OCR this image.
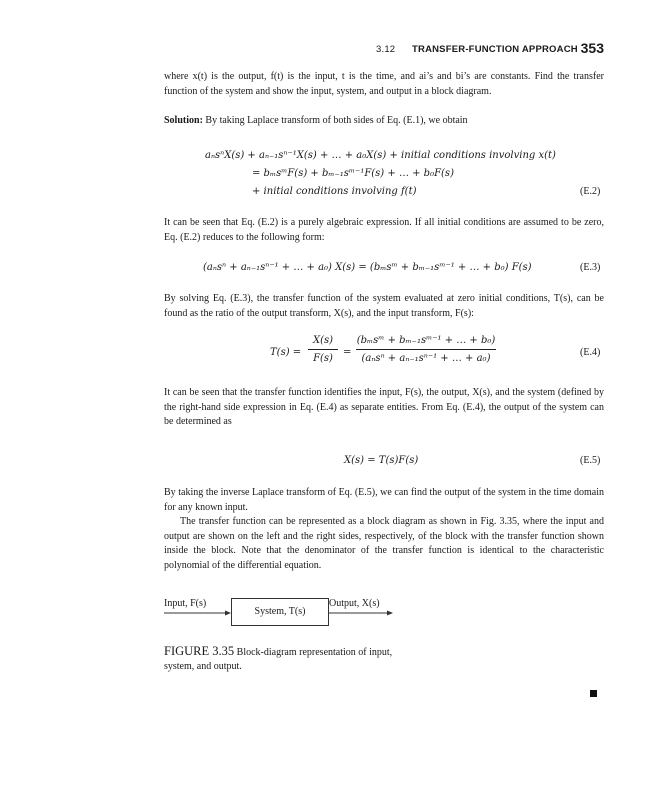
3.12 TRANSFER-FUNCTION APPROACH 353
where x(t) is the output, f(t) is the input, t is the time, and ai’s and bi’s are constants. Find the transfer function of the system and show the input, system, and output in a block diagram.
Solution: By taking Laplace transform of both sides of Eq. (E.1), we obtain
aₙsⁿX(s) + aₙ₋₁sⁿ⁻¹X(s) + … + a₀X(s) + initial conditions involving x(t)
= bₘsᵐF(s) + bₘ₋₁sᵐ⁻¹F(s) + … + b₀F(s)
+ initial conditions involving f(t)	(E.2)
It can be seen that Eq. (E.2) is a purely algebraic expression. If all initial conditions are assumed to be zero, Eq. (E.2) reduces to the following form:
(aₙsⁿ + aₙ₋₁sⁿ⁻¹ + … + a₀) X(s) = (bₘsᵐ + bₘ₋₁sᵐ⁻¹ + … + b₀) F(s)	(E.3)
By solving Eq. (E.3), the transfer function of the system evaluated at zero initial conditions, T(s), can be found as the ratio of the output transform, X(s), and the input transform, F(s):
T(s) =
X(s)
F(s)
=
(bₘsᵐ + bₘ₋₁sᵐ⁻¹ + … + b₀)
(aₙsⁿ + aₙ₋₁sⁿ⁻¹ + … + a₀)
(E.4)
It can be seen that the transfer function identifies the input, F(s), the output, X(s), and the system (defined by the right-hand side expression in Eq. (E.4) as separate entities. From Eq. (E.4), the output of the system can be determined as
X(s) = T(s)F(s)	(E.5)
By taking the inverse Laplace transform of Eq. (E.5), we can find the output of the system in the time domain for any known input.
The transfer function can be represented as a block diagram as shown in Fig. 3.35, where the input and output are shown on the left and the right sides, respectively, of the block with the transfer function shown inside the block. Note that the denominator of the transfer function is identical to the characteristic polynomial of the differential equation.
Input, F(s)
System, T(s)
Output, X(s)
FIGURE 3.35 Block-diagram representation of input, system, and output.
